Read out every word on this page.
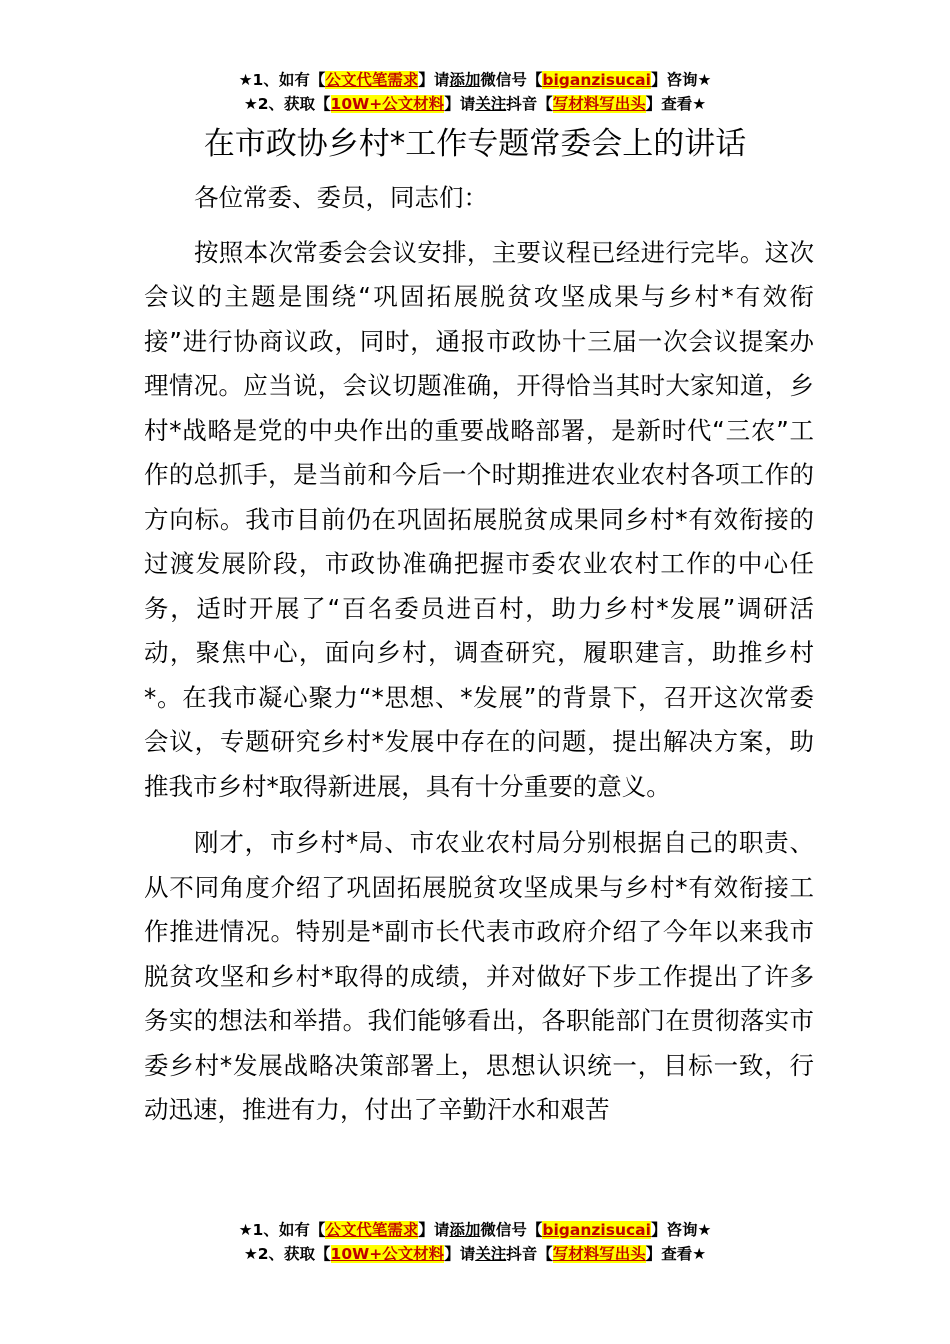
★1、如有【公文代笔需求】请添加微信号【biganzisucai】咨询★
★2、获取【10W+公文材料】请关注抖音【写材料写出头】查看★
在市政协乡村*工作专题常委会上的讲话

各位常委、委员，同志们：

按照本次常委会会议安排，主要议程已经进行完毕。这次会议的主题是围绕“巩固拓展脱贫攻坚成果与乡村*有效衔接”进行协商议政，同时，通报市政协十三届一次会议提案办理情况。应当说，会议切题准确，开得恰当其时大家知道，乡村*战略是党的中央作出的重要战略部署，是新时代“三农”工作的总抓手，是当前和今后一个时期推进农业农村各项工作的方向标。我市目前仍在巩固拓展脱贫成果同乡村*有效衔接的过渡发展阶段，市政协准确把握市委农业农村工作的中心任务，适时开展了“百名委员进百村，助力乡村*发展”调研活动，聚焦中心，面向乡村，调查研究，履职建言，助推乡村*。在我市凝心聚力“*思想、*发展”的背景下，召开这次常委会议，专题研究乡村*发展中存在的问题，提出解决方案，助推我市乡村*取得新进展，具有十分重要的意义。

刚才，市乡村*局、市农业农村局分别根据自己的职责、从不同角度介绍了巩固拓展脱贫攻坚成果与乡村*有效衔接工作推进情况。特别是*副市长代表市政府介绍了今年以来我市脱贫攻坚和乡村*取得的成绩，并对做好下步工作提出了许多务实的想法和举措。我们能够看出，各职能部门在贯彻落实市委乡村*发展战略决策部署上，思想认识统一，目标一致，行动迅速，推进有力，付出了辛勤汗水和艰苦

★1、如有【公文代笔需求】请添加微信号【biganzisucai】咨询★
★2、获取【10W+公文材料】请关注抖音【写材料写出头】查看★
